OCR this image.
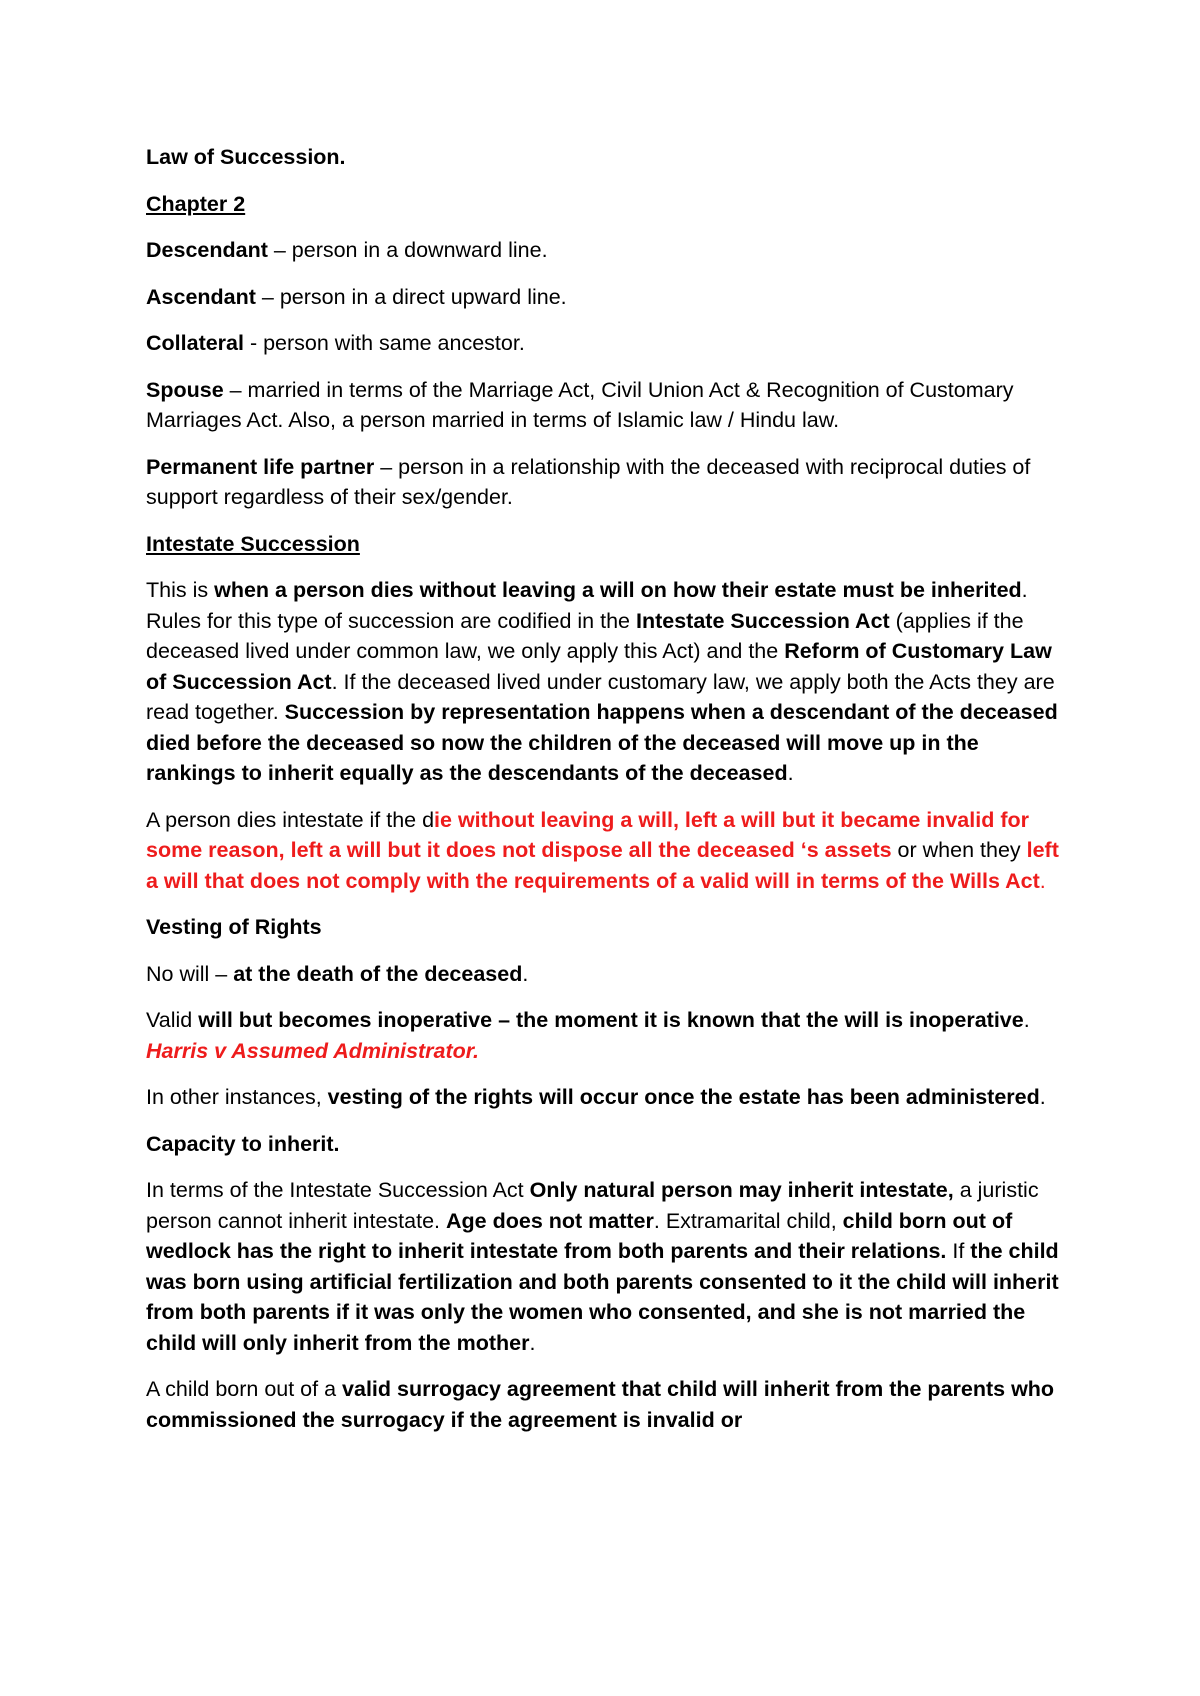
Law of Succession.

Chapter 2

Descendant – person in a downward line.

Ascendant – person in a direct upward line.

Collateral - person with same ancestor.

Spouse – married in terms of the Marriage Act, Civil Union Act & Recognition of Customary Marriages Act. Also, a person married in terms of Islamic law / Hindu law.

Permanent life partner – person in a relationship with the deceased with reciprocal duties of support regardless of their sex/gender.

Intestate Succession

This is when a person dies without leaving a will on how their estate must be inherited. Rules for this type of succession are codified in the Intestate Succession Act (applies if the deceased lived under common law, we only apply this Act) and the Reform of Customary Law of Succession Act. If the deceased lived under customary law, we apply both the Acts they are read together. Succession by representation happens when a descendant of the deceased died before the deceased so now the children of the deceased will move up in the rankings to inherit equally as the descendants of the deceased.

A person dies intestate if the die without leaving a will, left a will but it became invalid for some reason, left a will but it does not dispose all the deceased ‘s assets or when they left a will that does not comply with the requirements of a valid will in terms of the Wills Act.

Vesting of Rights

No will – at the death of the deceased.

Valid will but becomes inoperative – the moment it is known that the will is inoperative. Harris v Assumed Administrator.

In other instances, vesting of the rights will occur once the estate has been administered.

Capacity to inherit.

In terms of the Intestate Succession Act Only natural person may inherit intestate, a juristic person cannot inherit intestate. Age does not matter. Extramarital child, child born out of wedlock has the right to inherit intestate from both parents and their relations. If the child was born using artificial fertilization and both parents consented to it the child will inherit from both parents if it was only the women who consented, and she is not married the child will only inherit from the mother.

A child born out of a valid surrogacy agreement that child will inherit from the parents who commissioned the surrogacy if the agreement is invalid or
